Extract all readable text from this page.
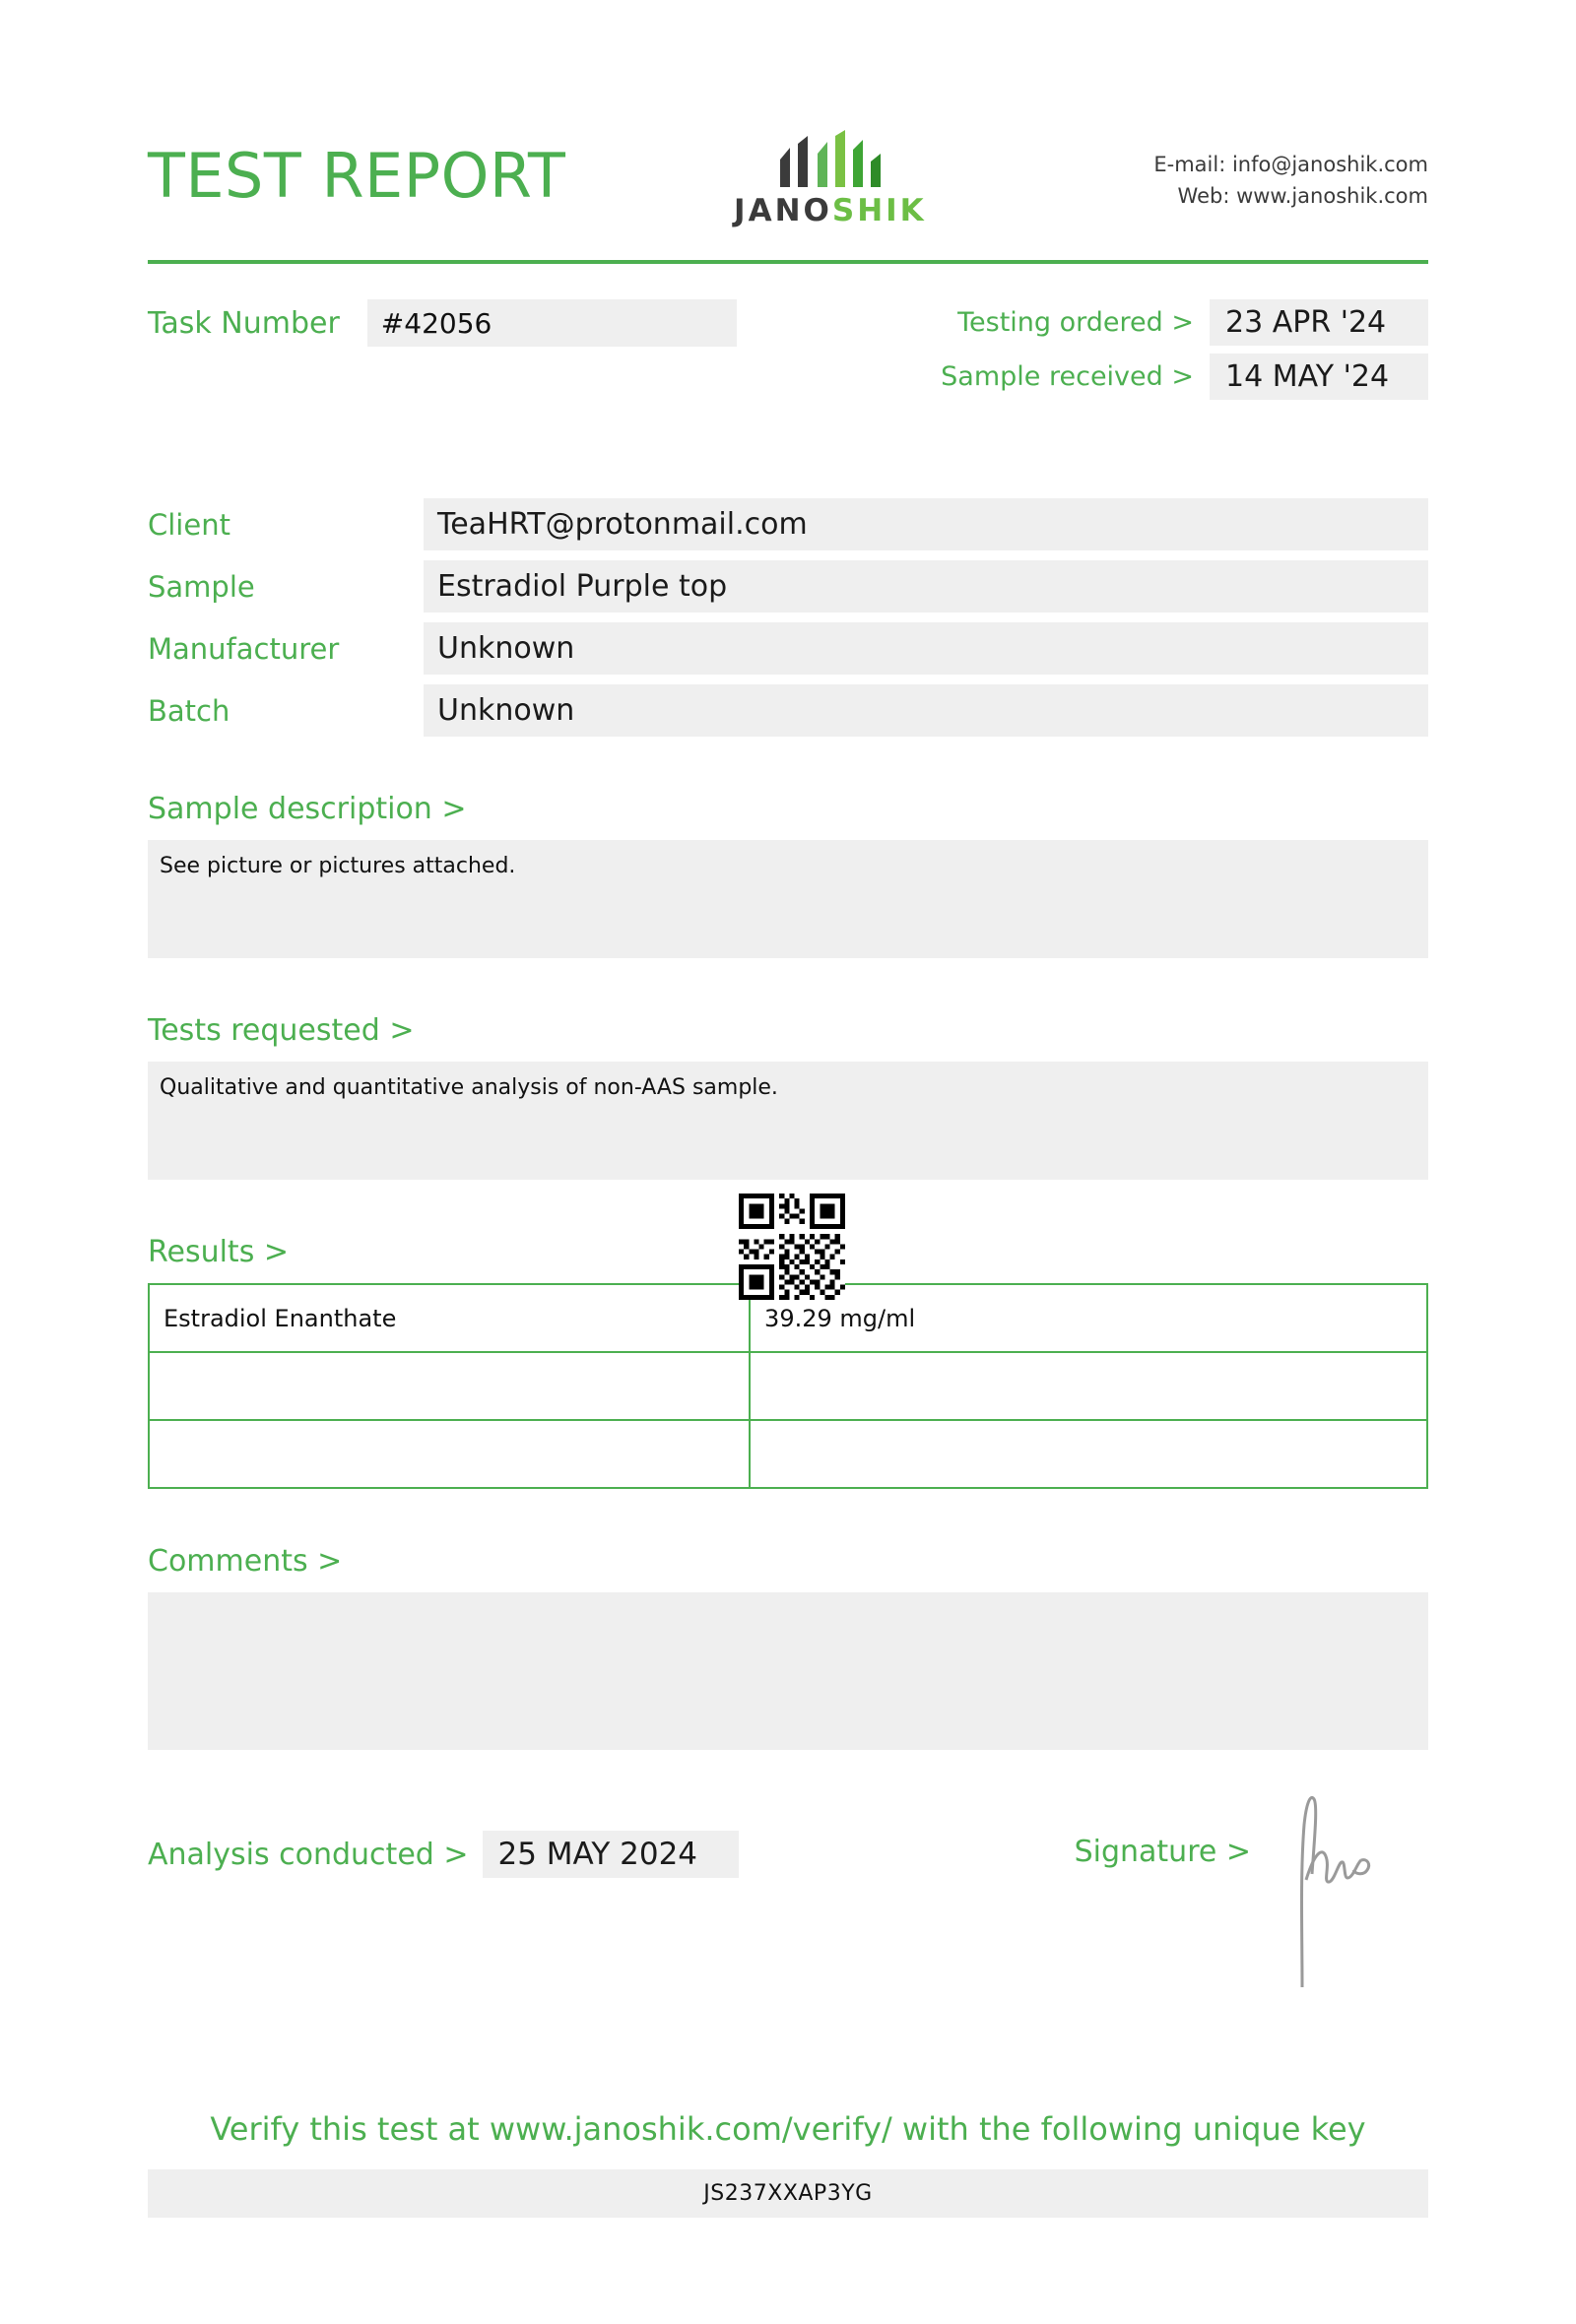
TEST REPORT	JANOSHIK
E-mail: info@janoshik.com
Web: www.janoshik.com
Task Number	#42056	Testing ordered >	23 APR '24
Sample received >	14 MAY '24
Client	TeaHRT@protonmail.com
Sample	Estradiol Purple top
Manufacturer	Unknown
Batch	Unknown
Sample description >
See picture or pictures attached.
Tests requested >
Qualitative and quantitative analysis of non-AAS sample.
Results >
Estradiol Enanthate	39.29 mg/ml

Comments >
Analysis conducted > 25 MAY 2024	Signature >
Verify this test at www.janoshik.com/verify/ with the following unique key
JS237XXAP3YG
